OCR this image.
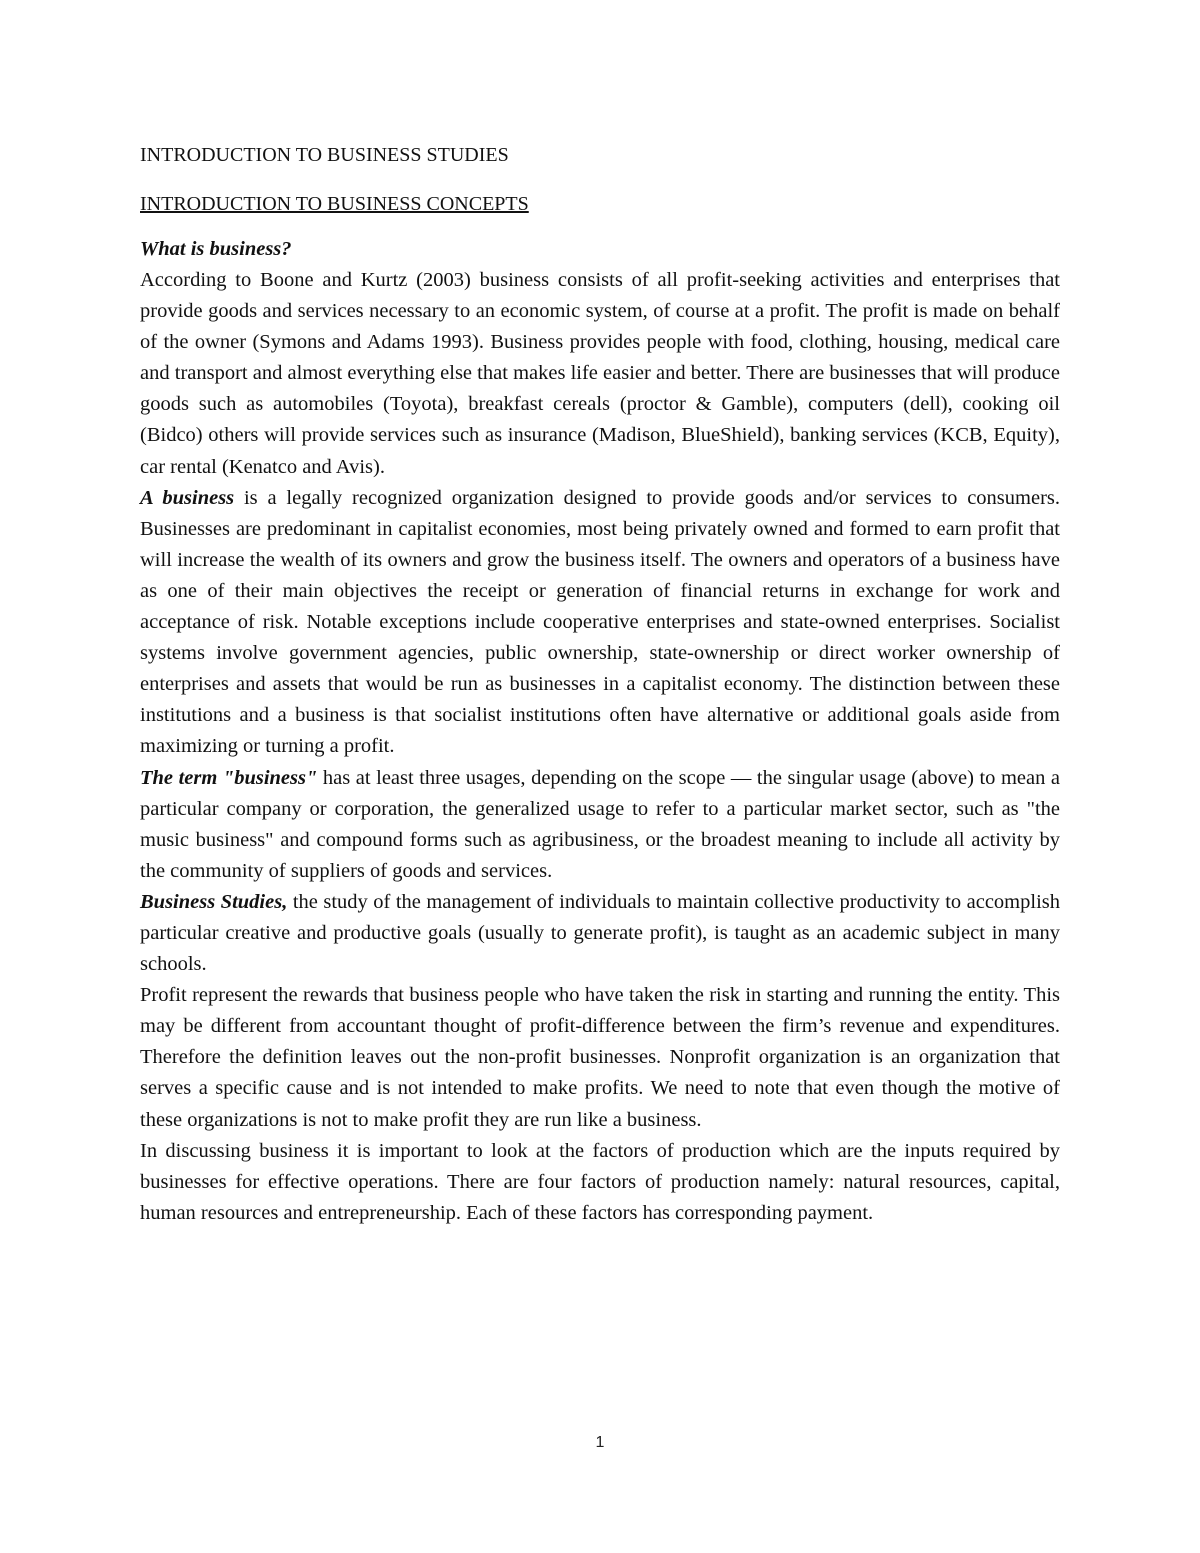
INTRODUCTION TO BUSINESS STUDIES
INTRODUCTION TO BUSINESS CONCEPTS

What is business?

According to Boone and Kurtz (2003) business consists of all profit-seeking activities and enterprises that provide goods and services necessary to an economic system, of course at a profit. The profit is made on behalf of the owner (Symons and Adams 1993). Business provides people with food, clothing, housing, medical care and transport and almost everything else that makes life easier and better. There are businesses that will produce goods such as automobiles (Toyota), breakfast cereals (proctor & Gamble), computers (dell), cooking oil (Bidco) others will provide services such as insurance (Madison, BlueShield), banking services (KCB, Equity), car rental (Kenatco and Avis).

A business is a legally recognized organization designed to provide goods and/or services to consumers. Businesses are predominant in capitalist economies, most being privately owned and formed to earn profit that will increase the wealth of its owners and grow the business itself. The owners and operators of a business have as one of their main objectives the receipt or generation of financial returns in exchange for work and acceptance of risk. Notable exceptions include cooperative enterprises and state-owned enterprises. Socialist systems involve government agencies, public ownership, state-ownership or direct worker ownership of enterprises and assets that would be run as businesses in a capitalist economy. The distinction between these institutions and a business is that socialist institutions often have alternative or additional goals aside from maximizing or turning a profit.

The term "business" has at least three usages, depending on the scope — the singular usage (above) to mean a particular company or corporation, the generalized usage to refer to a particular market sector, such as "the music business" and compound forms such as agribusiness, or the broadest meaning to include all activity by the community of suppliers of goods and services.

Business Studies, the study of the management of individuals to maintain collective productivity to accomplish particular creative and productive goals (usually to generate profit), is taught as an academic subject in many schools.

Profit represent the rewards that business people who have taken the risk in starting and running the entity. This may be different from accountant thought of profit-difference between the firm’s revenue and expenditures. Therefore the definition leaves out the non-profit businesses. Nonprofit organization is an organization that serves a specific cause and is not intended to make profits. We need to note that even though the motive of these organizations is not to make profit they are run like a business.

In discussing business it is important to look at the factors of production which are the inputs required by businesses for effective operations. There are four factors of production namely: natural resources, capital, human resources and entrepreneurship. Each of these factors has corresponding payment.

1
